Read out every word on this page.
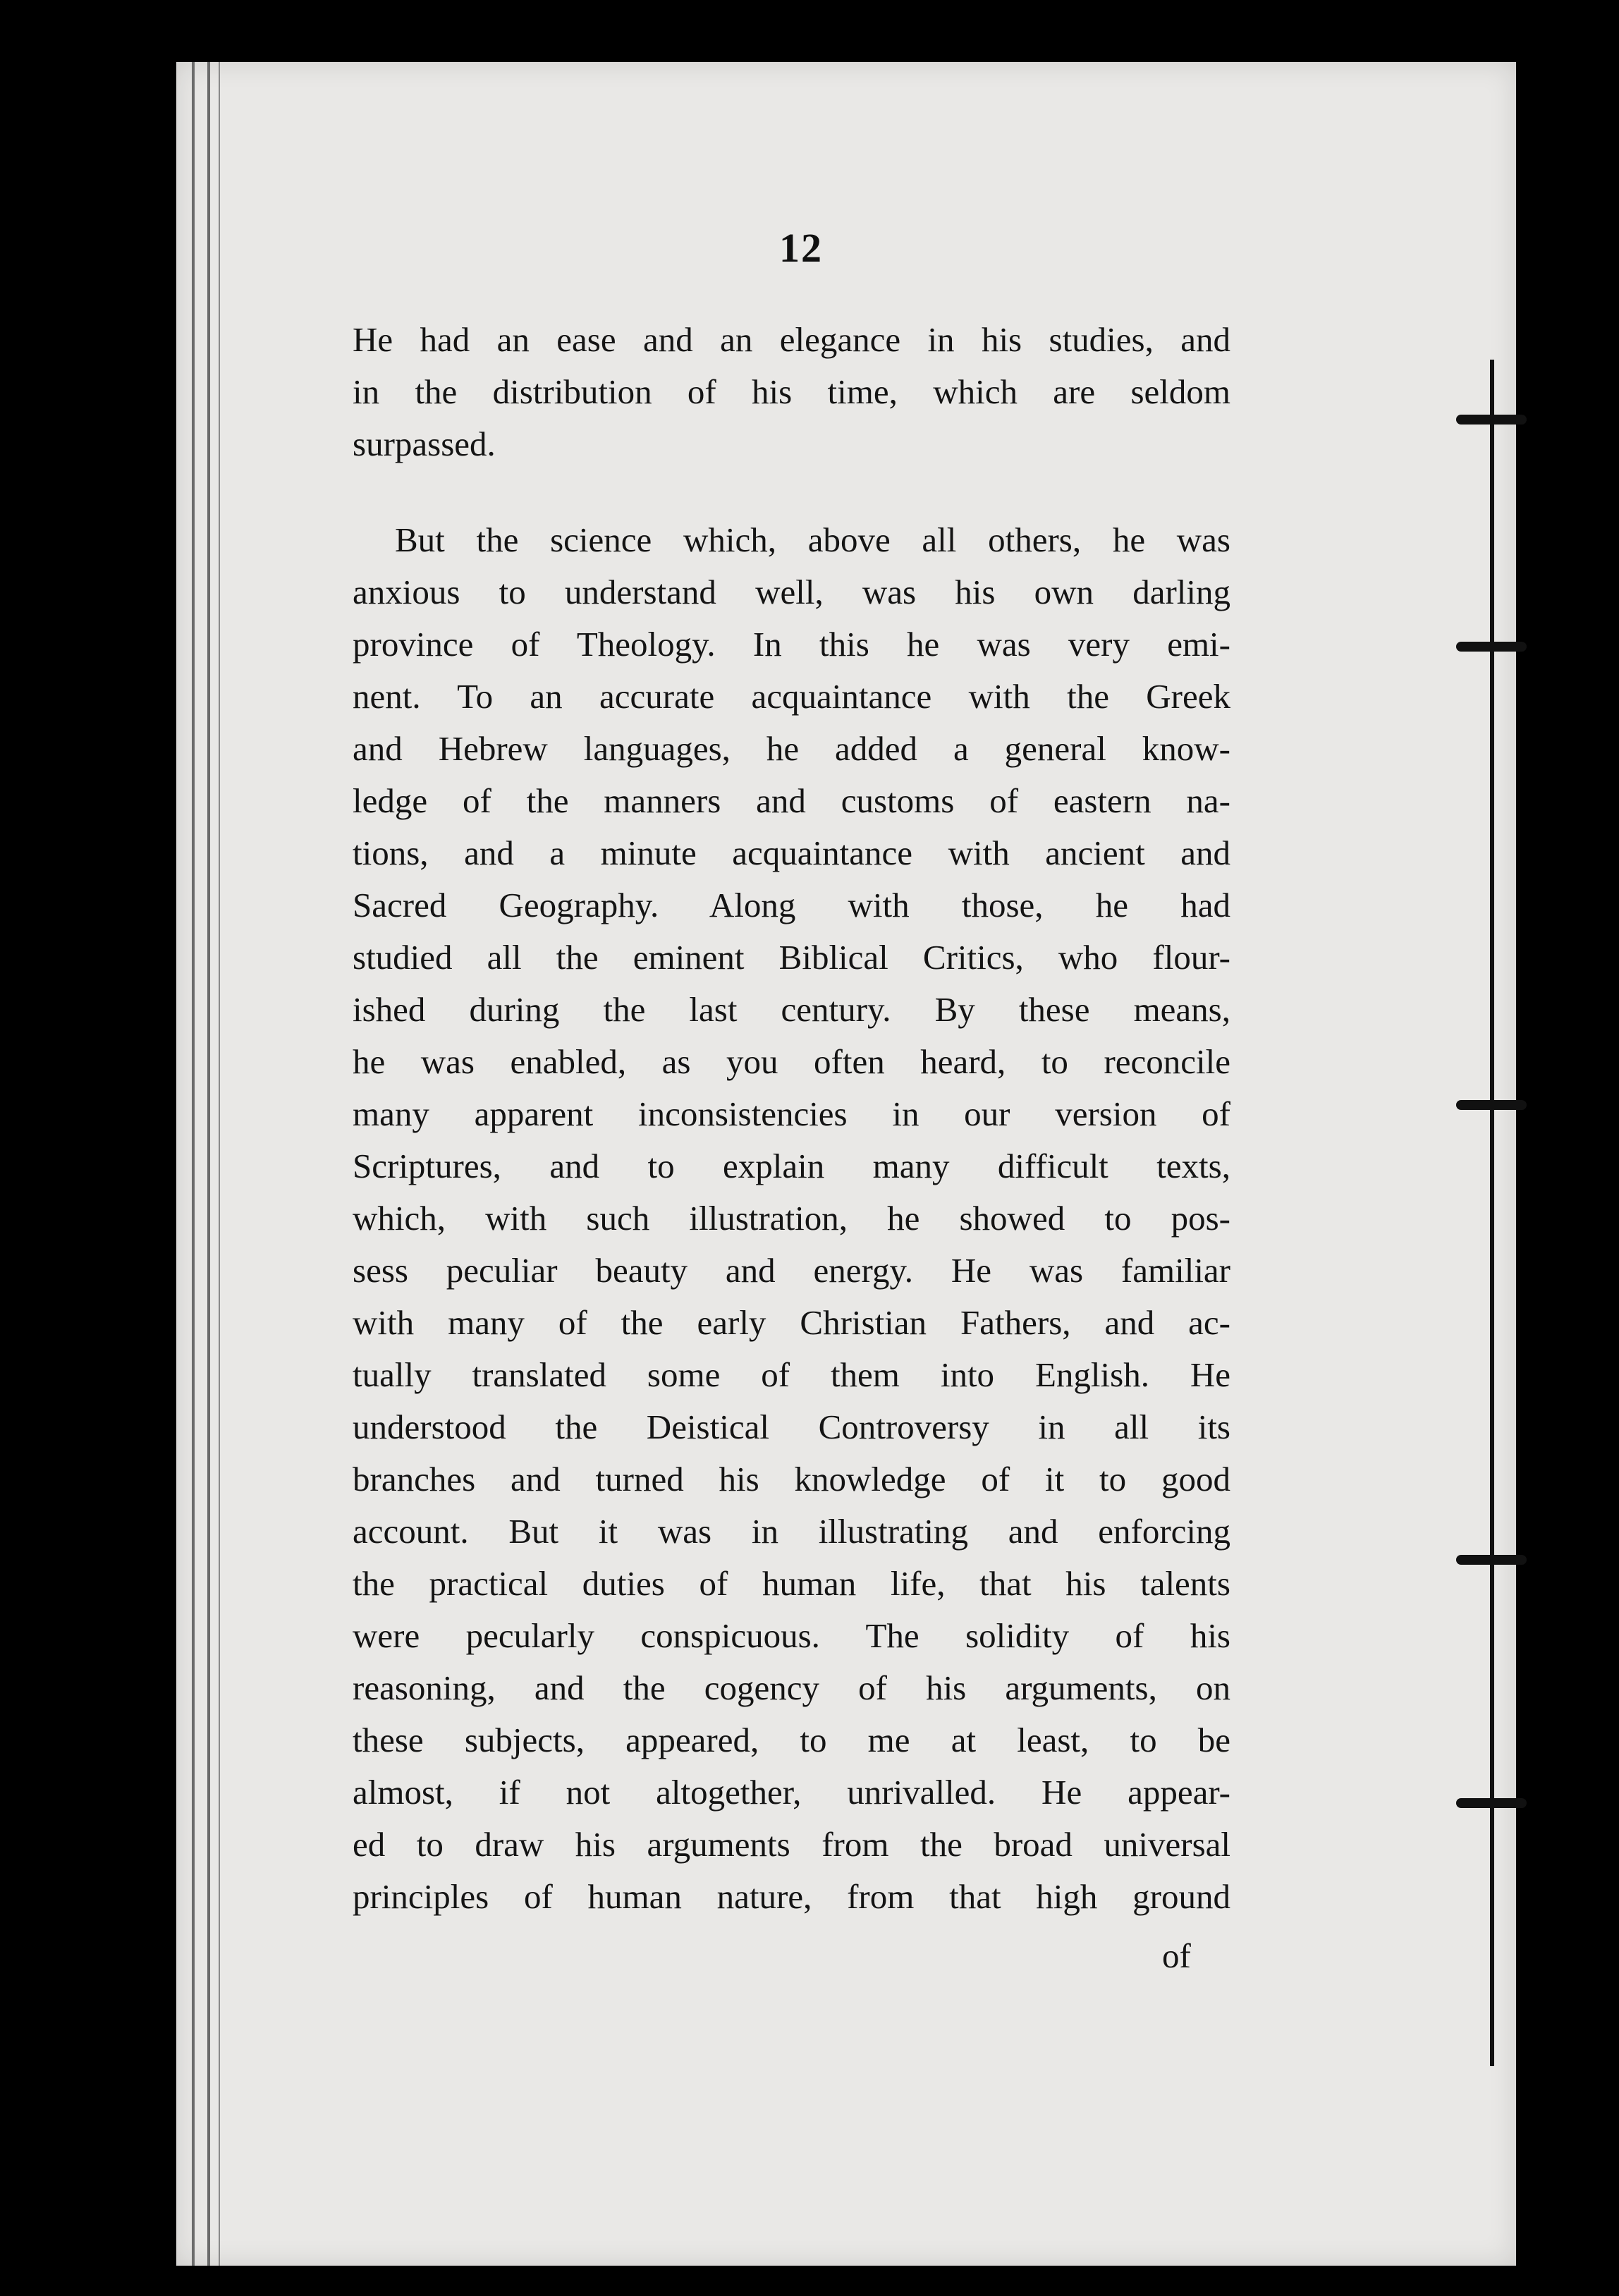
12
He had an ease and an elegance in his studies, and
in the distribution of his time, which are seldom
surpassed.
But the science which, above all others, he was
anxious to understand well, was his own darling
province of Theology. In this he was very emi-
nent. To an accurate acquaintance with the Greek
and Hebrew languages, he added a general know-
ledge of the manners and customs of eastern na-
tions, and a minute acquaintance with ancient and
Sacred Geography. Along with those, he had
studied all the eminent Biblical Critics, who flour-
ished during the last century. By these means,
he was enabled, as you often heard, to reconcile
many apparent inconsistencies in our version of
Scriptures, and to explain many difficult texts,
which, with such illustration, he showed to pos-
sess peculiar beauty and energy. He was familiar
with many of the early Christian Fathers, and ac-
tually translated some of them into English. He
understood the Deistical Controversy in all its
branches and turned his knowledge of it to good
account. But it was in illustrating and enforcing
the practical duties of human life, that his talents
were pecularly conspicuous. The solidity of his
reasoning, and the cogency of his arguments, on
these subjects, appeared, to me at least, to be
almost, if not altogether, unrivalled. He appear-
ed to draw his arguments from the broad universal
principles of human nature, from that high ground
of
